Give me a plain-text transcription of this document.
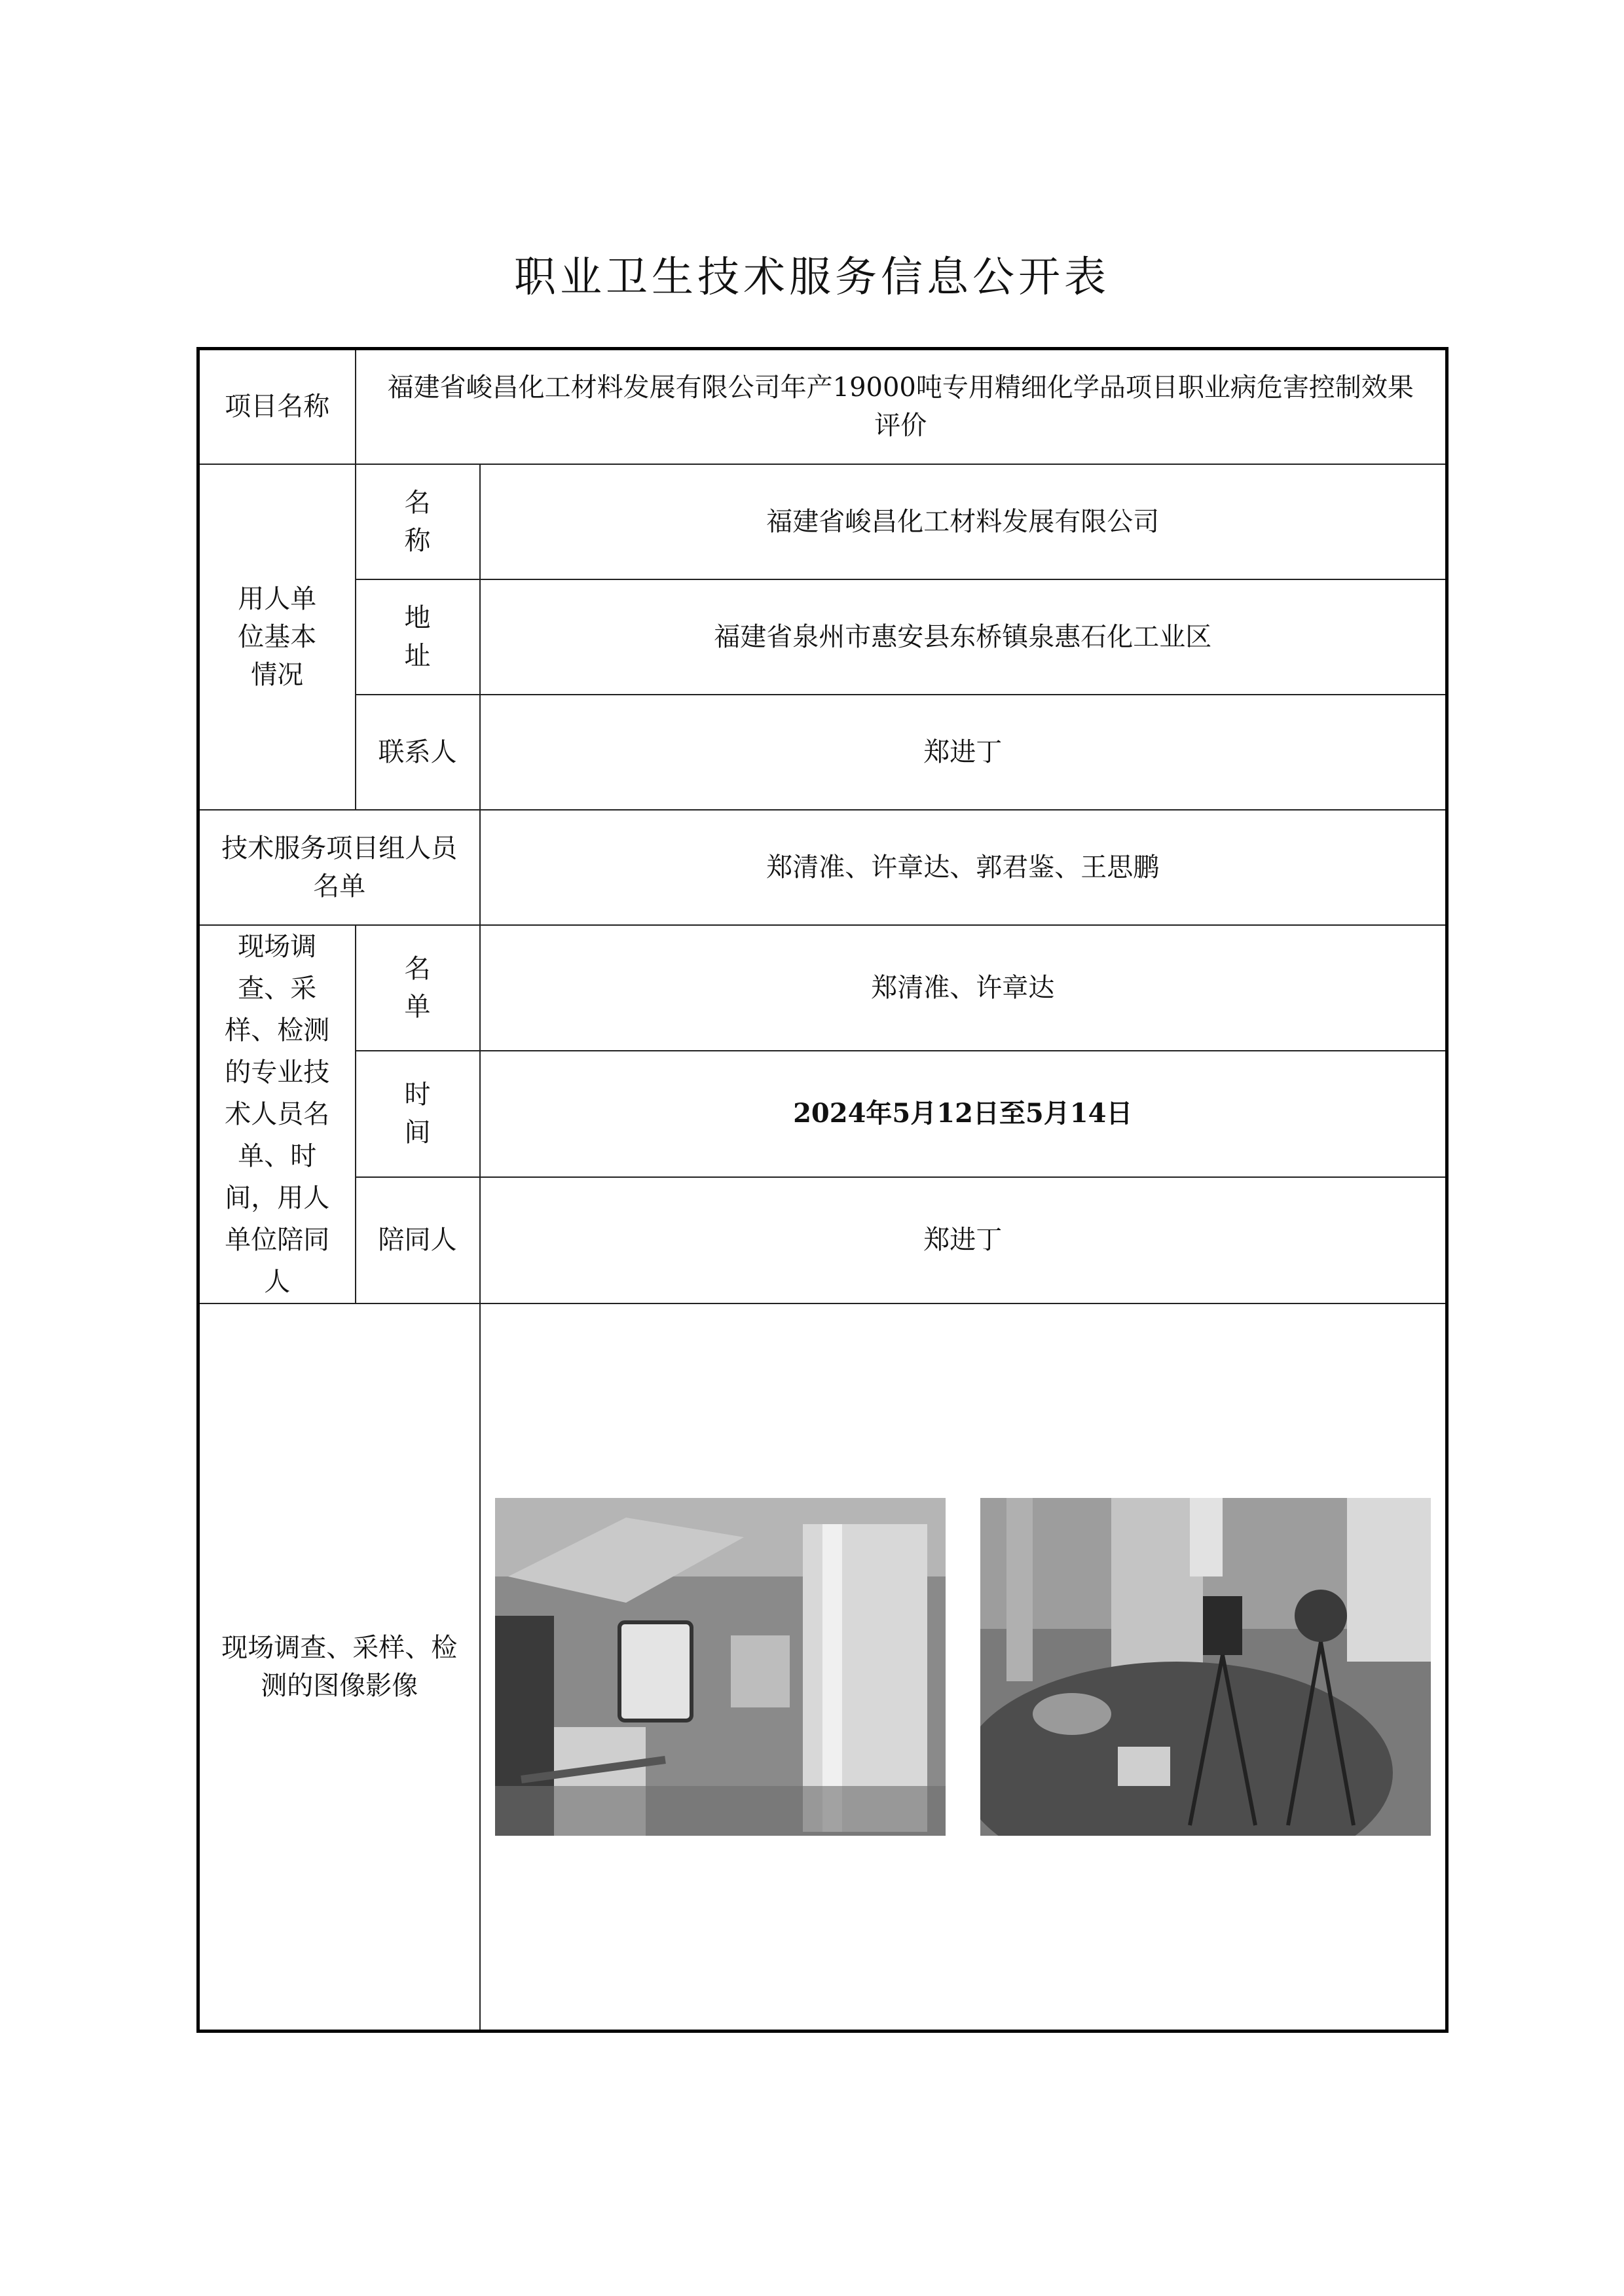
职业卫生技术服务信息公开表
项目名称	福建省峻昌化工材料发展有限公司年产19000吨专用精细化学品项目职业病危害控制效果评价	
用人单位基本情况	名称	福建省峻昌化工材料发展有限公司
	地址	福建省泉州市惠安县东桥镇泉惠石化工业区
	联系人	郑进丁
技术服务项目组人员名单		郑清准、许章达、郭君鉴、王思鹏
现场调查、采样、检测的专业技术人员名单、时间，用人单位陪同人	名单	郑清准、许章达
	时间	2024年5月12日至5月14日
	陪同人	郑进丁
现场调查、采样、检测的图像影像	
